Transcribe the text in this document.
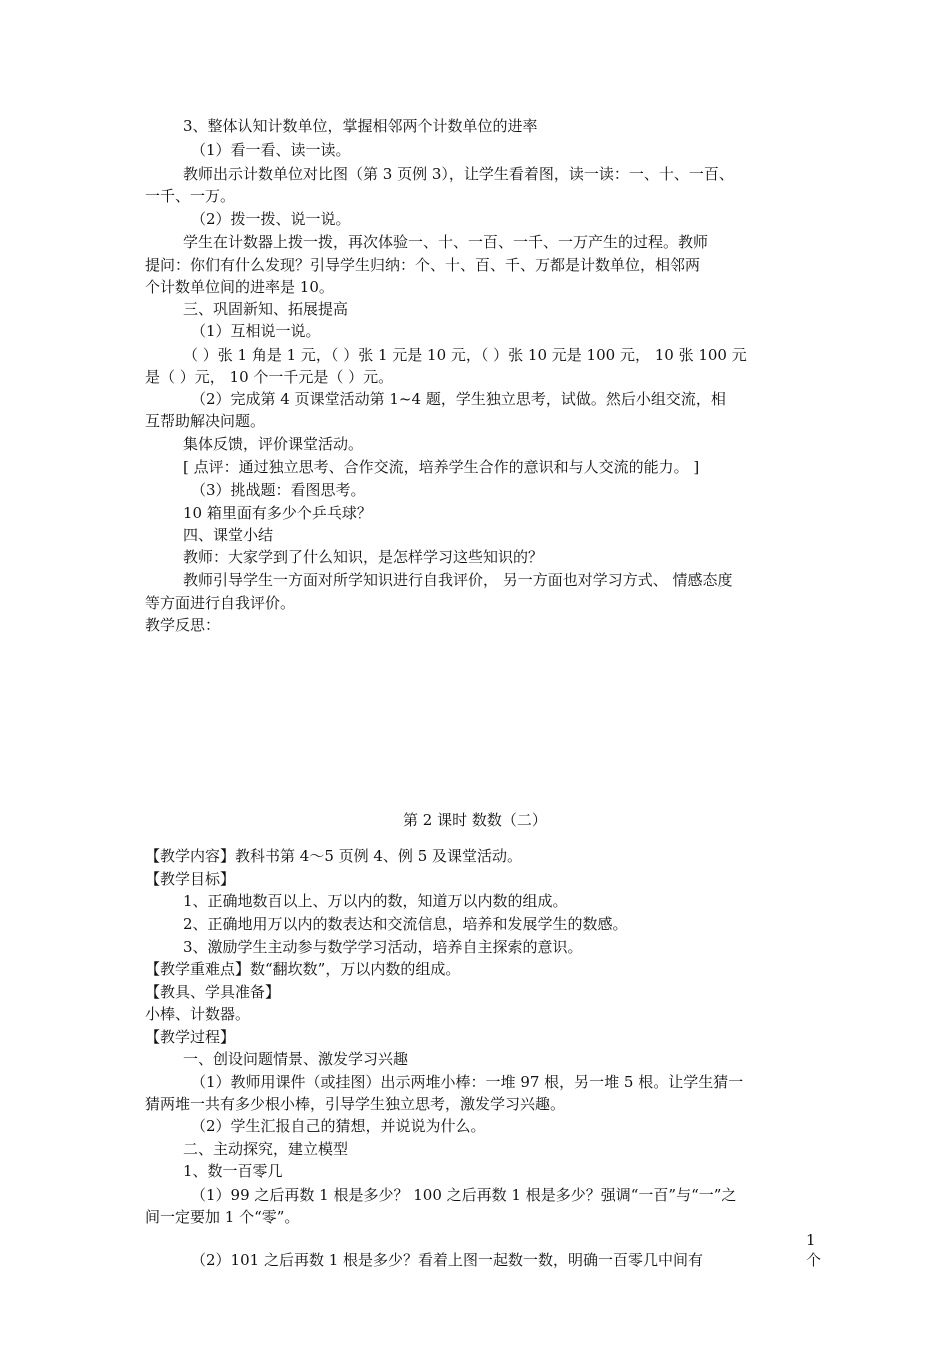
3、整体认知计数单位，掌握相邻两个计数单位的进率
（1）看一看、读一读。
教师出示计数单位对比图（第 3 页例 3），让学生看着图，读一读：一、十、一百、
一千、一万。
（2）拨一拨、说一说。
学生在计数器上拨一拨，再次体验一、十、一百、一千、一万产生的过程。教师
提问：你们有什么发现？引导学生归纳：个、十、百、千、万都是计数单位，相邻两
个计数单位间的进率是 10。
三、巩固新知、拓展提高
（1）互相说一说。
（ ）张 1 角是 1 元，（ ）张 1 元是 10 元，（ ）张 10 元是 100 元， 10 张 100 元
是（ ）元， 10 个一千元是（ ）元。
（2）完成第 4 页课堂活动第 1~4 题，学生独立思考，试做。然后小组交流，相
互帮助解决问题。
集体反馈，评价课堂活动。
[ 点评：通过独立思考、合作交流，培养学生合作的意识和与人交流的能力。 ]
（3）挑战题：看图思考。
10 箱里面有多少个乒乓球？
四、课堂小结
教师：大家学到了什么知识，是怎样学习这些知识的？
教师引导学生一方面对所学知识进行自我评价， 另一方面也对学习方式、 情感态度
等方面进行自我评价。
教学反思：
第 2 课时 数数（二）
【教学内容】教科书第 4～5 页例 4、例 5 及课堂活动。
【教学目标】
1、正确地数百以上、万以内的数，知道万以内数的组成。
2、正确地用万以内的数表达和交流信息，培养和发展学生的数感。
3、激励学生主动参与数学学习活动，培养自主探索的意识。
【教学重难点】数“翻坎数”，万以内数的组成。
【教具、学具准备】
小棒、计数器。
【教学过程】
一、创设问题情景、激发学习兴趣
（1）教师用课件（或挂图）出示两堆小棒：一堆 97 根，另一堆 5 根。让学生猜一
猜两堆一共有多少根小棒，引导学生独立思考，激发学习兴趣。
（2）学生汇报自己的猜想，并说说为什么。
二、主动探究，建立模型
1、数一百零几
（1）99 之后再数 1 根是多少？ 100 之后再数 1 根是多少？强调“一百”与“一”之
间一定要加 1 个“零”。
1
（2）101 之后再数 1 根是多少？看着上图一起数一数，明确一百零几中间有	个
